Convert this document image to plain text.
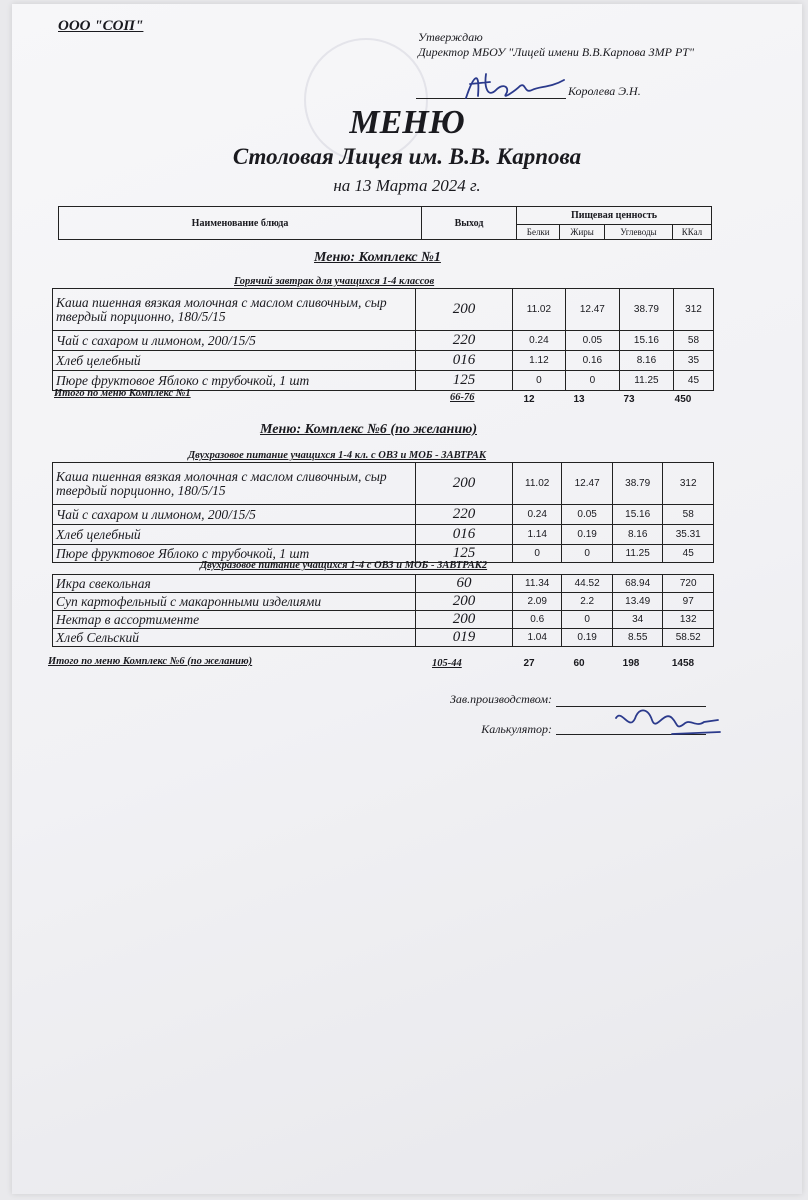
ООО "СОП"
Утверждаю
Директор МБОУ "Лицей имени В.В.Карпова ЗМР РТ"
Королева Э.Н.
МЕНЮ
Столовая Лицея им. В.В. Карпова
на 13 Марта 2024 г.
Наименование блюда	Выход	Пищевая ценность			
		Белки	Жиры	Углеводы	ККал
Меню: Комплекс №1
Горячий завтрак для учащихся 1-4 классов
Каша пшенная вязкая молочная с маслом сливочным, сыр твердый порционно, 180/5/15	200	11.02	12.47	38.79	312
Чай с сахаром и лимоном, 200/15/5	220	0.24	0.05	15.16	58
Хлеб целебный	016	1.12	0.16	8.16	35
Пюре фруктовое Яблоко с трубочкой, 1 шт	125	0	0	11.25	45
Итого по меню Комплекс №1	66-76	12	13	73	450
Меню: Комплекс №6 (по желанию)
Двухразовое питание учащихся 1-4 кл. с ОВЗ и МОБ - ЗАВТРАК
Каша пшенная вязкая молочная с маслом сливочным, сыр твердый порционно, 180/5/15	200	11.02	12.47	38.79	312
Чай с сахаром и лимоном, 200/15/5	220	0.24	0.05	15.16	58
Хлеб целебный	016	1.14	0.19	8.16	35.31
Пюре фруктовое Яблоко с трубочкой, 1 шт	125	0	0	11.25	45
Двухразовое питание учащихся 1-4 с ОВЗ и МОБ - ЗАВТРАК2
Икра свекольная	60	11.34	44.52	68.94	720
Суп картофельный с макаронными изделиями	200	2.09	2.2	13.49	97
Нектар в ассортименте	200	0.6	0	34	132
Хлеб Сельский	019	1.04	0.19	8.55	58.52
Итого по меню Комплекс №6 (по желанию)	105-44	27	60	198	1458
Зав.производством:
Калькулятор:
